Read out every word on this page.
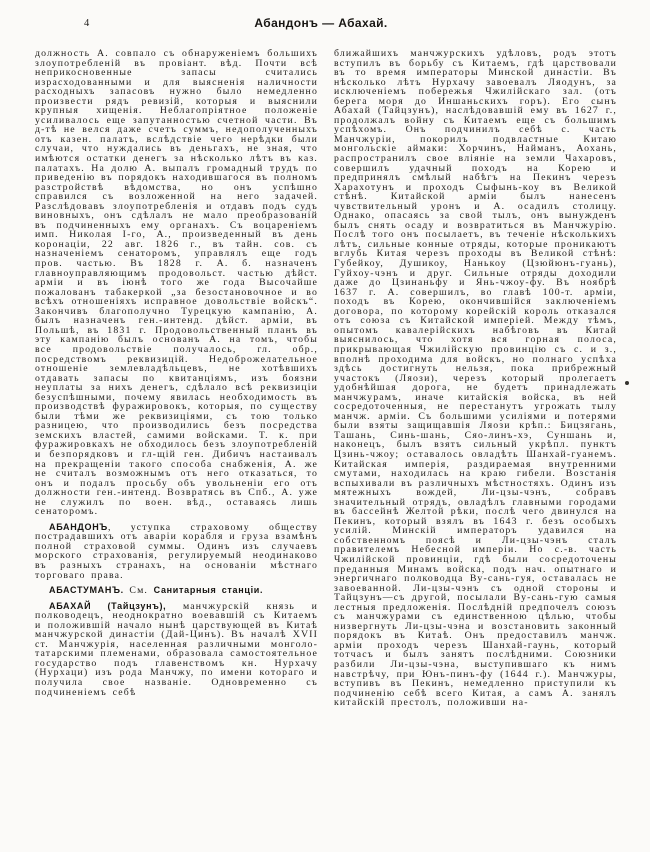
4	Абандонъ — Абахай.

должность А. совпало съ обнаруженіемъ большихъ злоупотребленій въ провіант. вѣд. Почти всѣ неприкосновенные запасы считались израсходованными и для выясненія наличности расходныхъ запасовъ нужно было немедленно произвести рядъ ревизій, которыя и выяснили крупныя хищенія. Неблагопріятное положеніе усиливалось еще запутанностью счетной части. Въ д-тѣ не велся даже счетъ суммъ, недополученныхъ отъ казен. палатъ, вслѣдствіе чего нерѣдки были случаи, что нуждались въ деньгахъ, не зная, что имѣются остатки денегъ за нѣсколько лѣтъ въ каз. палатахъ. На долю А. выпалъ громадный трудъ по приведенію въ порядокъ находившагося въ полномъ разстройствѣ вѣдомства, но онъ успѣшно справился съ возложенной на него задачей. Разслѣдовавъ злоупотребленія и отдавъ подъ судъ виновныхъ, онъ сдѣлалъ не мало преобразованій въ подчиненныхъ ему органахъ. Съ воцареніемъ имп. Николая I-го, А., произведенный въ день коронаціи, 22 авг. 1826 г., въ тайн. сов. съ назначеніемъ сенаторомъ, управлялъ еще годъ пров. частью. Въ 1828 г. А. б. назначенъ главноуправляющимъ продовольст. частью дѣйст. арміи и въ іюнѣ того же года Высочайше пожалованъ табакеркой „за безостановочное и во всѣхъ отношеніяхъ исправное довольствіе войскъ“. Закончивъ благополучно Турецкую кампанію, А. былъ назначенъ ген.-интенд. дѣйст. арміи, въ Польшѣ, въ 1831 г. Продовольственный планъ въ эту кампанію былъ основанъ А. на томъ, чтобы все продовольствіе получалось, гл. обр., посредствомъ реквизицій. Недоброжелательное отношеніе землевладѣльцевъ, не хотѣвшихъ отдавать запасы по квитанціямъ, изъ боязни неуплаты за нихъ денегъ, сдѣлало всѣ реквизиціи безуспѣшными, почему явилась необходимость въ производствѣ фуражировокъ, которыя, по существу были тѣми же реквизиціями, съ тою только разницею, что производились безъ посредства земскихъ властей, самими войсками. Т. к. при фуражировкахъ не обходилось безъ злоупотребленій и безпорядковъ и гл-щій ген. Дибичъ настаивалъ на прекращеніи такого способа снабженія, А. же не считалъ возможнымъ отъ него отказаться, то онъ и подалъ просьбу объ увольненіи его отъ должности ген.-интенд. Возвратясь въ Спб., А. уже не служилъ по воен. вѣд., оставаясь лишь сенаторомъ.

АБАНДОНЪ, уступка страховому обществу пострадавшихъ отъ аваріи корабля и груза взамѣнъ полной страховой суммы. Одинъ изъ случаевъ морского страхованія, регулируемый неодинаково въ разныхъ странахъ, на основаніи мѣстнаго торговаго права.

АБАСТУМАНЪ. См. Санитарныя станціи.

АБАХАЙ (Тайцзунъ), манчжурскій князь и полководецъ, неоднократно воевавшій съ Китаемъ и положившій начало нынѣ царствующей въ Китаѣ манчжурской династіи (Дай-Цинъ). Въ началѣ XVII ст. Манчжурія, населенная различными монголо-татарскими племенами, образовала самостоятельное государство подъ главенствомъ кн. Нурхачу (Нурхаци) изъ рода Манчжу, по имени котораго и получила свое названіе. Одновременно съ подчиненіемъ себѣ

ближайшихъ манчжурскихъ удѣловъ, родъ этотъ вступилъ въ борьбу съ Китаемъ, гдѣ царствовали въ то время императоры Минской династіи. Въ нѣсколько лѣтъ Нурхачу завоевалъ Ляодунъ, за исключеніемъ побережья Чжилійскаго зал. (отъ берега моря до Иншаньскихъ горъ). Его сынъ Абахай (Тайцзунъ), наслѣдовавшій ему въ 1627 г., продолжалъ войну съ Китаемъ еще съ большимъ успѣхомъ. Онъ подчинилъ себѣ с. часть Манчжуріи, покорилъ подвластные Китаю монгольскіе аймаки: Хорчинъ, Найманъ, Аохань, распространилъ свое вліяніе на земли Чахаровъ, совершилъ удачный походъ на Корею и предпринялъ смѣлый набѣгъ на Пекинъ черезъ Харахотунъ и проходъ Сыфынь-коу въ Великой стѣнѣ. Китайской арміи былъ нанесенъ чувствительный уронъ и А. осадилъ столицу. Однако, опасаясь за свой тылъ, онъ вынужденъ былъ снять осаду и возвратиться въ Манчжурію. Послѣ того онъ посылаетъ, въ теченіе нѣсколькихъ лѣтъ, сильные конные отряды, которые проникаютъ вглубь Китая черезъ проходы въ Великой стѣнѣ: Губейкоу, Душикоу, Нанькоу (Цзюйюнъ-гуань), Гуйхоу-чэнъ и друг. Сильные отряды доходили даже до Цзинаньфу и Янь-чжоу-фу. Въ ноябрѣ 1637 г. А. совершилъ, во главѣ 100-т. арміи, походъ въ Корею, окончившійся заключеніемъ договора, по которому корейскій король отказался отъ союза съ Китайской имперіей. Между тѣмъ, опытомъ кавалерійскихъ набѣговъ въ Китай выяснилось, что хотя вся горная полоса, прикрывающая Чжилійскую провинцію съ с. и з., вполнѣ проходима для войскъ, но полнаго успѣха здѣсь достигнуть нельзя, пока прибрежный участокъ (Ляози), черезъ который пролегаетъ удобнѣйшая дорога, не будетъ принадлежать манчжурамъ, иначе китайскія войска, въ ней сосредоточенныя, не перестанутъ угрожать тылу манчж. арміи. Съ большими усиліями и потерями были взяты защищавшія Ляози крѣп.: Бицзягань, Ташань, Синь-шань, Сяо-линъ-хэ, Суншань и, наконецъ, былъ взятъ сильный укрѣпл. пунктъ Цзинь-чжоу; оставалось овладѣть Шанхай-гуанемъ. Китайская имперія, раздираемая внутренними смутами, находилась на краю гибели. Возстанія вспыхивали въ различныхъ мѣстностяхъ. Одинъ изъ мятежныхъ вождей, Ли-цзы-чэнъ, собравъ значительный отрядъ, овладѣлъ главными городами въ бассейнѣ Желтой рѣки, послѣ чего двинулся на Пекинъ, который взялъ въ 1643 г. безъ особыхъ усилій. Минскій императоръ удавился на собственномъ поясѣ и Ли-цзы-чэнъ сталъ правителемъ Небесной имперіи. Но с.-в. часть Чжилійской провинціи, гдѣ были сосредоточены преданныя Минамъ войска, подъ нач. опытнаго и энергичнаго полководца Ву-сань-гуя, оставалась не завоеванной. Ли-цзы-чэнъ съ одной стороны и Тайцзунъ—съ другой, посылали Ву-сань-гую самыя лестныя предложенія. Послѣдній предпочелъ союзъ съ манчжурами съ единственною цѣлью, чтобы низвергнуть Ли-цзы-чэна и возстановить законный порядокъ въ Китаѣ. Онъ предоставилъ манчж. арміи проходъ черезъ Шанхай-гаунь, который тотчасъ и былъ занятъ послѣдними. Союзники разбили Ли-цзы-чэна, выступившаго къ нимъ навстрѣчу, при Юнъ-пинъ-фу (1644 г.). Манчжуры, вступивъ въ Пекинъ, немедленно приступили къ подчиненію себѣ всего Китая, а самъ А. занялъ китайскій престолъ, положивши на-
